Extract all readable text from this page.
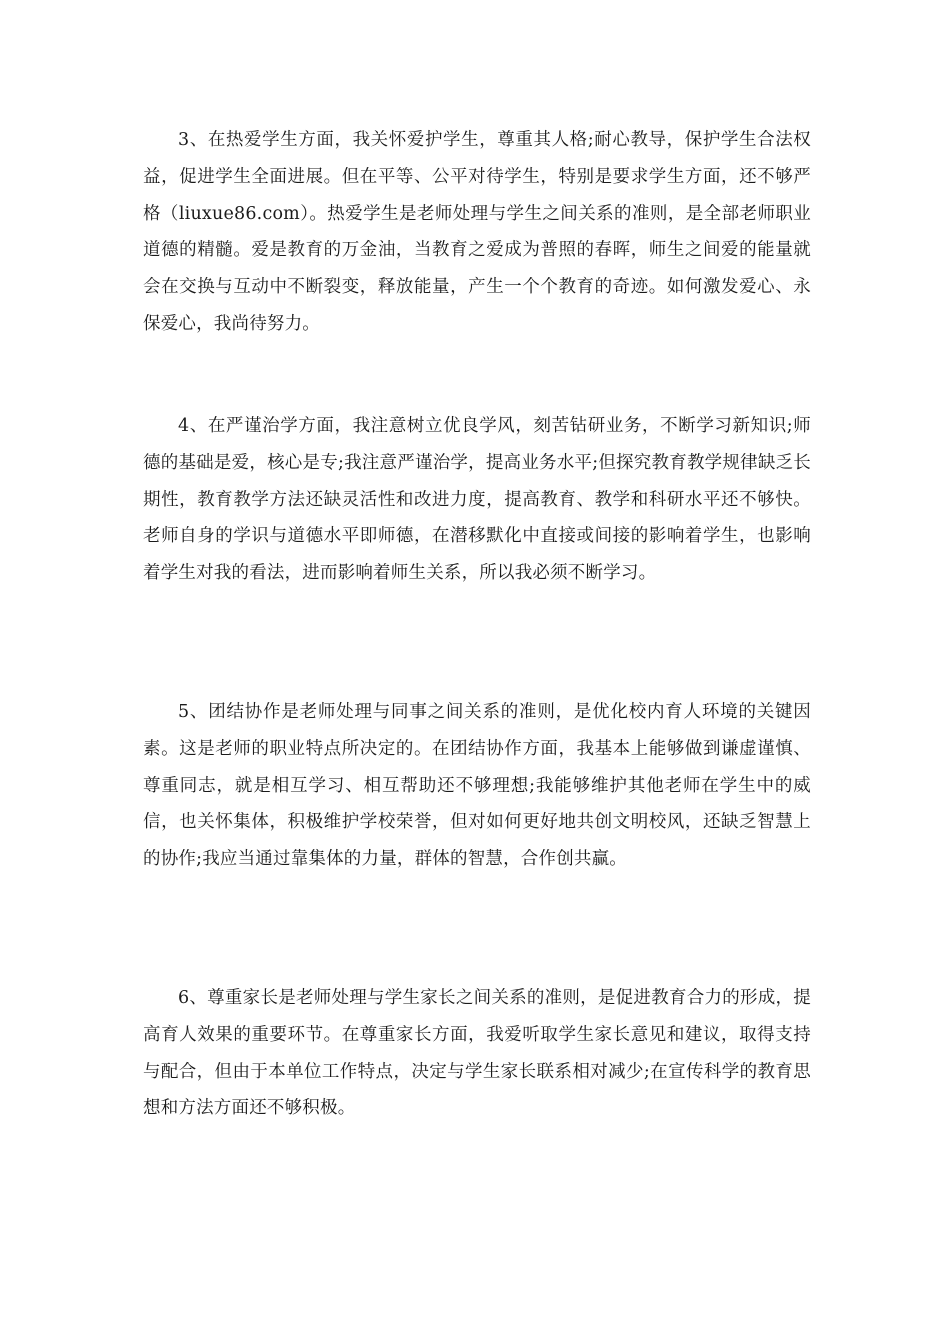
3、在热爱学生方面，我关怀爱护学生，尊重其人格;耐心教导，保护学生合法权益，促进学生全面进展。但在平等、公平对待学生，特别是要求学生方面，还不够严格（liuxue86.com）。热爱学生是老师处理与学生之间关系的准则，是全部老师职业道德的精髓。爱是教育的万金油，当教育之爱成为普照的春晖，师生之间爱的能量就会在交换与互动中不断裂变，释放能量，产生一个个教育的奇迹。如何激发爱心、永保爱心，我尚待努力。

4、在严谨治学方面，我注意树立优良学风，刻苦钻研业务，不断学习新知识;师德的基础是爱，核心是专;我注意严谨治学，提高业务水平;但探究教育教学规律缺乏长期性，教育教学方法还缺灵活性和改进力度，提高教育、教学和科研水平还不够快。老师自身的学识与道德水平即师德，在潜移默化中直接或间接的影响着学生，也影响着学生对我的看法，进而影响着师生关系，所以我必须不断学习。

5、团结协作是老师处理与同事之间关系的准则，是优化校内育人环境的关键因素。这是老师的职业特点所决定的。在团结协作方面，我基本上能够做到谦虚谨慎、尊重同志，就是相互学习、相互帮助还不够理想;我能够维护其他老师在学生中的威信，也关怀集体，积极维护学校荣誉，但对如何更好地共创文明校风，还缺乏智慧上的协作;我应当通过靠集体的力量，群体的智慧，合作创共赢。

6、尊重家长是老师处理与学生家长之间关系的准则，是促进教育合力的形成，提高育人效果的重要环节。在尊重家长方面，我爱听取学生家长意见和建议，取得支持与配合，但由于本单位工作特点，决定与学生家长联系相对减少;在宣传科学的教育思想和方法方面还不够积极。
